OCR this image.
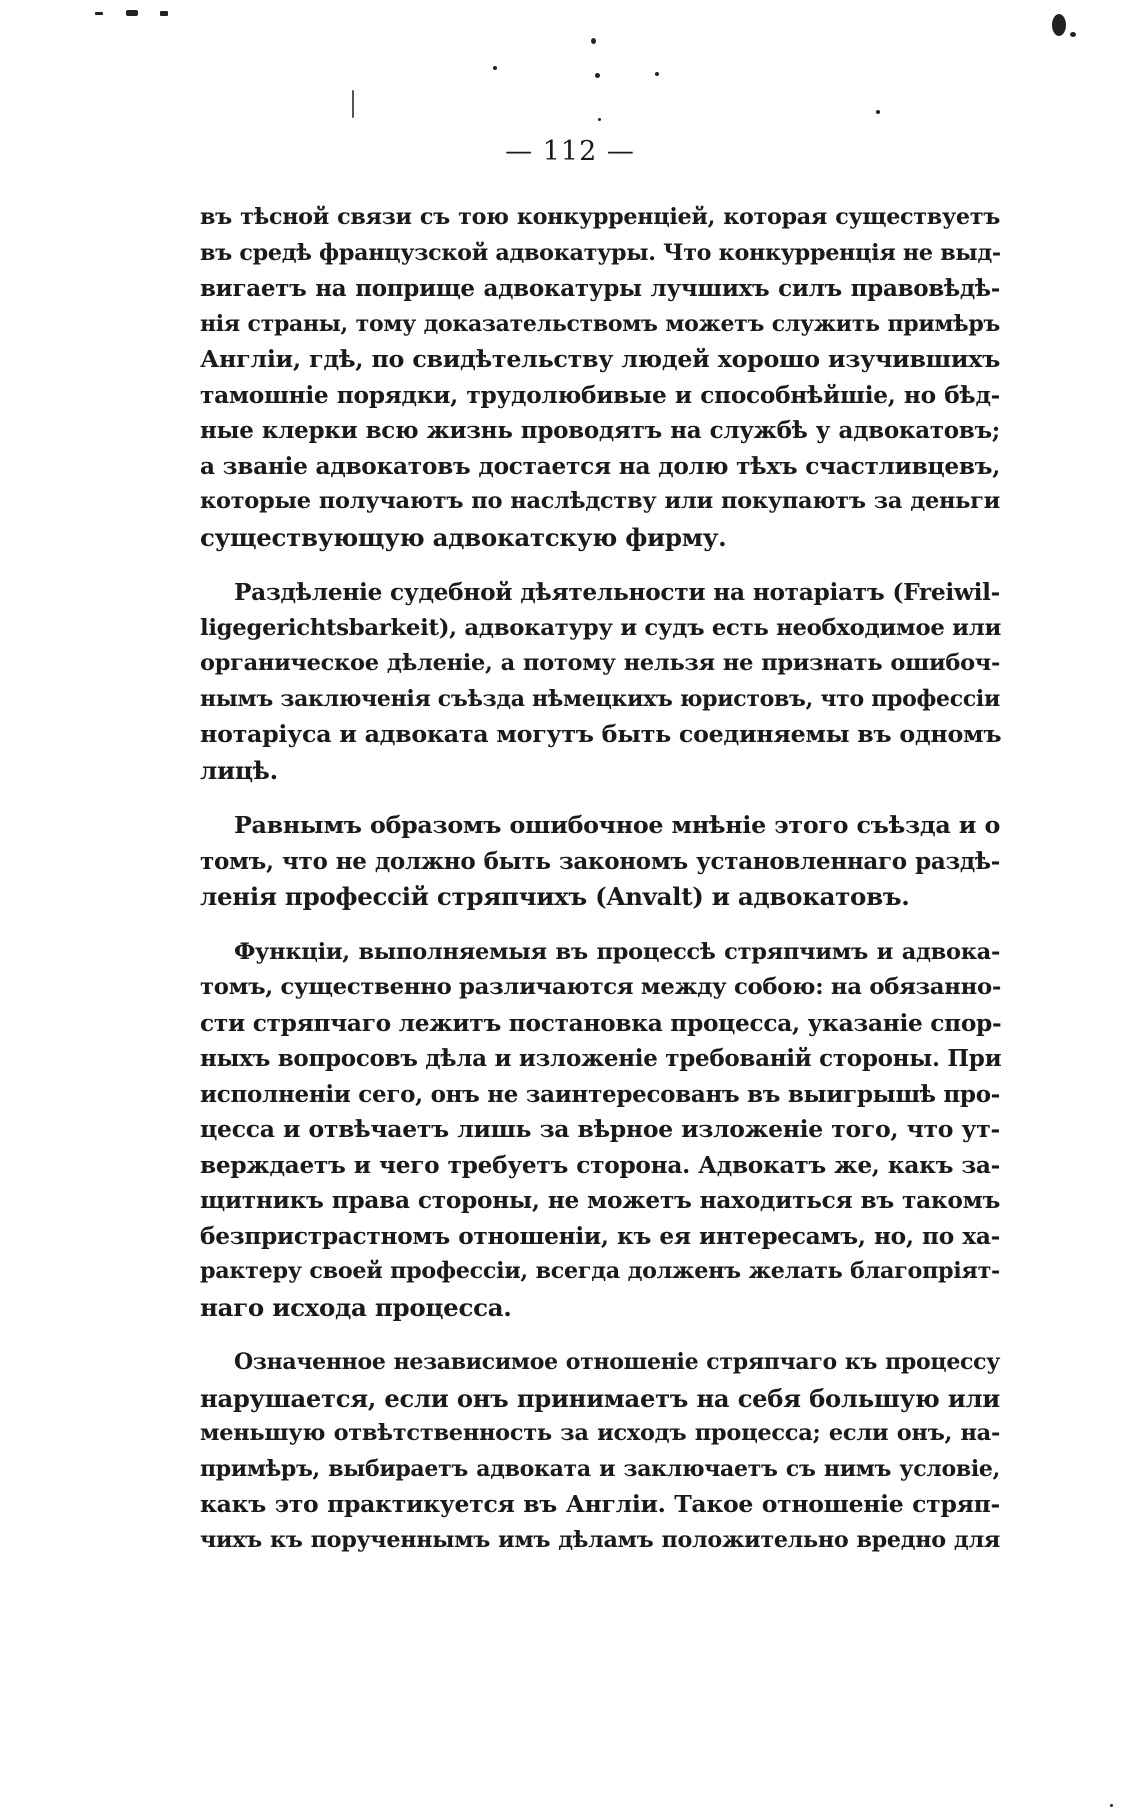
— 112 —
въ тѣсной связи съ тою конкурренціей, которая существуетъ
въ средѣ французской адвокатуры. Что конкурренція не выд-
вигаетъ на поприще адвокатуры лучшихъ силъ правовѣдѣ-
нія страны, тому доказательствомъ можетъ служить примѣръ
Англіи, гдѣ, по свидѣтельству людей хорошо изучившихъ
тамошніе порядки, трудолюбивые и способнѣйшіе, но бѣд-
ные клерки всю жизнь проводятъ на службѣ у адвокатовъ;
а званіе адвокатовъ достается на долю тѣхъ счастливцевъ,
которые получаютъ по наслѣдству или покупаютъ за деньги
существующую адвокатскую фирму.
Раздѣленіе судебной дѣятельности на нотаріатъ (Freiwil-
ligegerichtsbarkeit), адвокатуру и судъ есть необходимое или
органическое дѣленіе, а потому нельзя не признать ошибоч-
нымъ заключенія съѣзда нѣмецкихъ юристовъ, что профессіи
нотаріуса и адвоката могутъ быть соединяемы въ одномъ
лицѣ.
Равнымъ образомъ ошибочное мнѣніе этого съѣзда и о
томъ, что не должно быть закономъ установленнаго раздѣ-
ленія профессій стряпчихъ (Anvalt) и адвокатовъ.
Функціи, выполняемыя въ процессѣ стряпчимъ и адвока-
томъ, существенно различаются между собою: на обязанно-
сти стряпчаго лежитъ постановка процесса, указаніе спор-
ныхъ вопросовъ дѣла и изложеніе требованій стороны. При
исполненіи сего, онъ не заинтересованъ въ выигрышѣ про-
цесса и отвѣчаетъ лишь за вѣрное изложеніе того, что ут-
верждаетъ и чего требуетъ сторона. Адвокатъ же, какъ за-
щитникъ права стороны, не можетъ находиться въ такомъ
безпристрастномъ отношеніи, къ ея интересамъ, но, по ха-
рактеру своей профессіи, всегда долженъ желать благопріят-
наго исхода процесса.
Означенное независимое отношеніе стряпчаго къ процессу
нарушается, если онъ принимаетъ на себя большую или
меньшую отвѣтственность за исходъ процесса; если онъ, на-
примѣръ, выбираетъ адвоката и заключаетъ съ нимъ условіе,
какъ это практикуется въ Англіи. Такое отношеніе стряп-
чихъ къ порученнымъ имъ дѣламъ положительно вредно для
